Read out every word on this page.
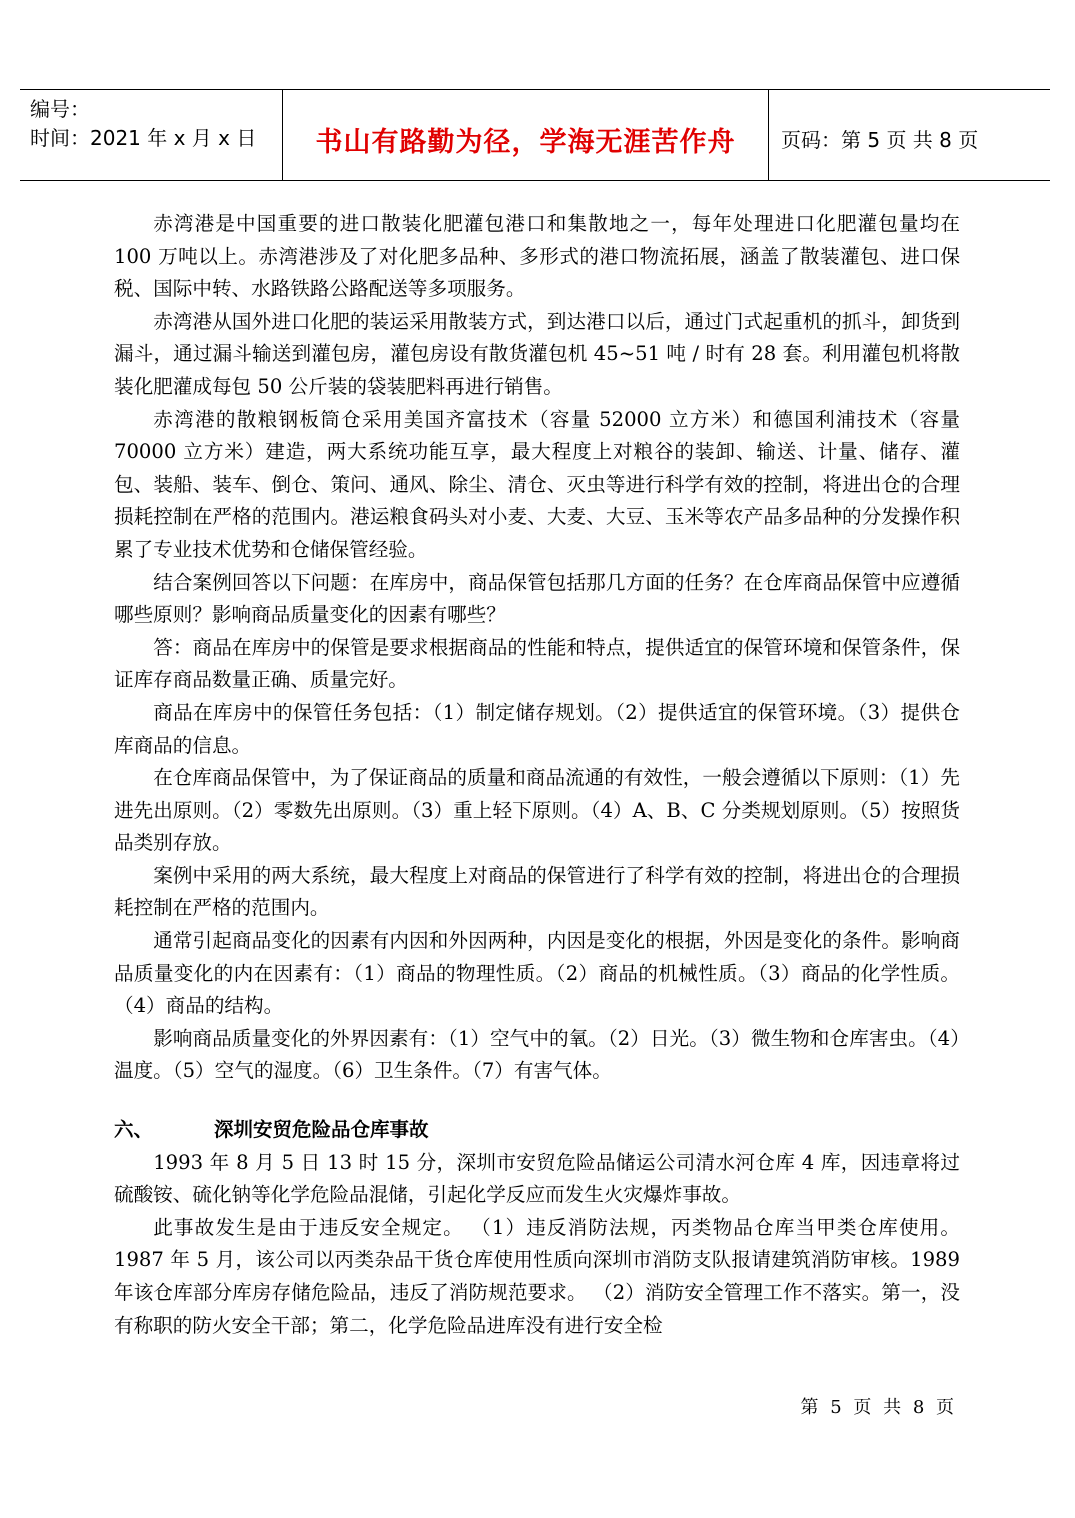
编号：
时间：2021 年 x 月 x 日	书山有路勤为径，学海无涯苦作舟 页码：第 5 页 共 8 页

赤湾港是中国重要的进口散装化肥灌包港口和集散地之一，每年处理进口化肥灌包量均在 100 万吨以上。赤湾港涉及了对化肥多品种、多形式的港口物流拓展，涵盖了散装灌包、进口保税、国际中转、水路铁路公路配送等多项服务。

赤湾港从国外进口化肥的装运采用散装方式，到达港口以后，通过门式起重机的抓斗，卸货到漏斗，通过漏斗输送到灌包房，灌包房设有散货灌包机 45~51 吨 / 时有 28 套。利用灌包机将散装化肥灌成每包 50 公斤装的袋装肥料再进行销售。

赤湾港的散粮钢板筒仓采用美国齐富技术（容量 52000 立方米）和德国利浦技术（容量 70000 立方米）建造，两大系统功能互享，最大程度上对粮谷的装卸、输送、计量、储存、灌包、装船、装车、倒仓、策问、通风、除尘、清仓、灭虫等进行科学有效的控制，将进出仓的合理损耗控制在严格的范围内。港运粮食码头对小麦、大麦、大豆、玉米等农产品多品种的分发操作积累了专业技术优势和仓储保管经验。

结合案例回答以下问题：在库房中，商品保管包括那几方面的任务？在仓库商品保管中应遵循哪些原则？影响商品质量变化的因素有哪些？

答：商品在库房中的保管是要求根据商品的性能和特点，提供适宜的保管环境和保管条件，保证库存商品数量正确、质量完好。

商品在库房中的保管任务包括：（1）制定储存规划。（2）提供适宜的保管环境。（3）提供仓库商品的信息。

在仓库商品保管中，为了保证商品的质量和商品流通的有效性，一般会遵循以下原则：（1）先进先出原则。（2）零数先出原则。（3）重上轻下原则。（4）A、B、C 分类规划原则。（5）按照货品类别存放。

案例中采用的两大系统，最大程度上对商品的保管进行了科学有效的控制，将进出仓的合理损耗控制在严格的范围内。

通常引起商品变化的因素有内因和外因两种，内因是变化的根据，外因是变化的条件。影响商品质量变化的内在因素有：（1）商品的物理性质。（2）商品的机械性质。（3）商品的化学性质。（4）商品的结构。

影响商品质量变化的外界因素有：（1）空气中的氧。（2）日光。（3）微生物和仓库害虫。（4）温度。（5）空气的湿度。（6）卫生条件。（7）有害气体。

六、	深圳安贸危险品仓库事故

1993 年 8 月 5 日 13 时 15 分，深圳市安贸危险品储运公司清水河仓库 4 库，因违章将过硫酸铵、硫化钠等化学危险品混储，引起化学反应而发生火灾爆炸事故。

此事故发生是由于违反安全规定。 （1）违反消防法规，丙类物品仓库当甲类仓库使用。1987 年 5 月，该公司以丙类杂品干货仓库使用性质向深圳市消防支队报请建筑消防审核。1989 年该仓库部分库房存储危险品，违反了消防规范要求。 （2）消防安全管理工作不落实。第一，没有称职的防火安全干部；第二，化学危险品进库没有进行安全检

第 5 页 共 8 页
